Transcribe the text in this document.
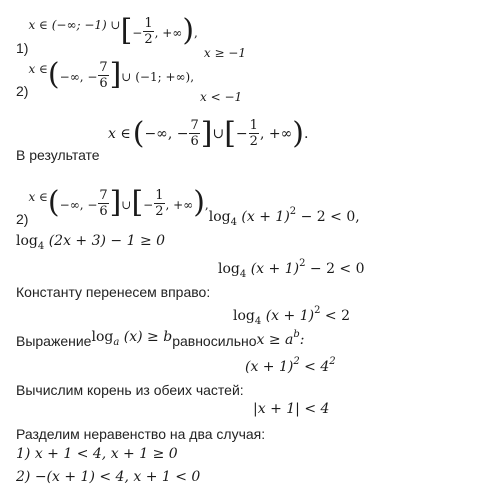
1)
x ∈ (−∞; −1) ∪ [ − $\frac{1}{2}$ , +∞ ) ,
x ≥ −1
2)
x ∈ ( −∞, − $\frac{7}{6}$ ] ∪ (−1; +∞),
x < −1
В результате
x ∈ ( −∞, − $\frac{7}{6}$ ] ∪ [ − $\frac{1}{2}$ , +∞ ) .
2)
x ∈ ( −∞, − $\frac{7}{6}$ ] ∪ [ − $\frac{1}{2}$ , +∞ ) ,
$\log_4 (x + 1)^2 - 2 < 0$,
$\log_4 (2x + 3) - 1 \ge 0$
$\log_4 (x + 1)^2 - 2 < 0$
Константу перенесем вправо:
$\log_4 (x + 1)^2 < 2$
Выражение $\log_a (x) \ge b$ равносильно $x \ge a^b$:
$(x + 1)^2 < 4^2$
Вычислим корень из обеих частей:
|x + 1| < 4
Разделим неравенство на два случая:
1) x + 1 < 4, x + 1 ≥ 0
2) −(x + 1) < 4, x + 1 < 0
